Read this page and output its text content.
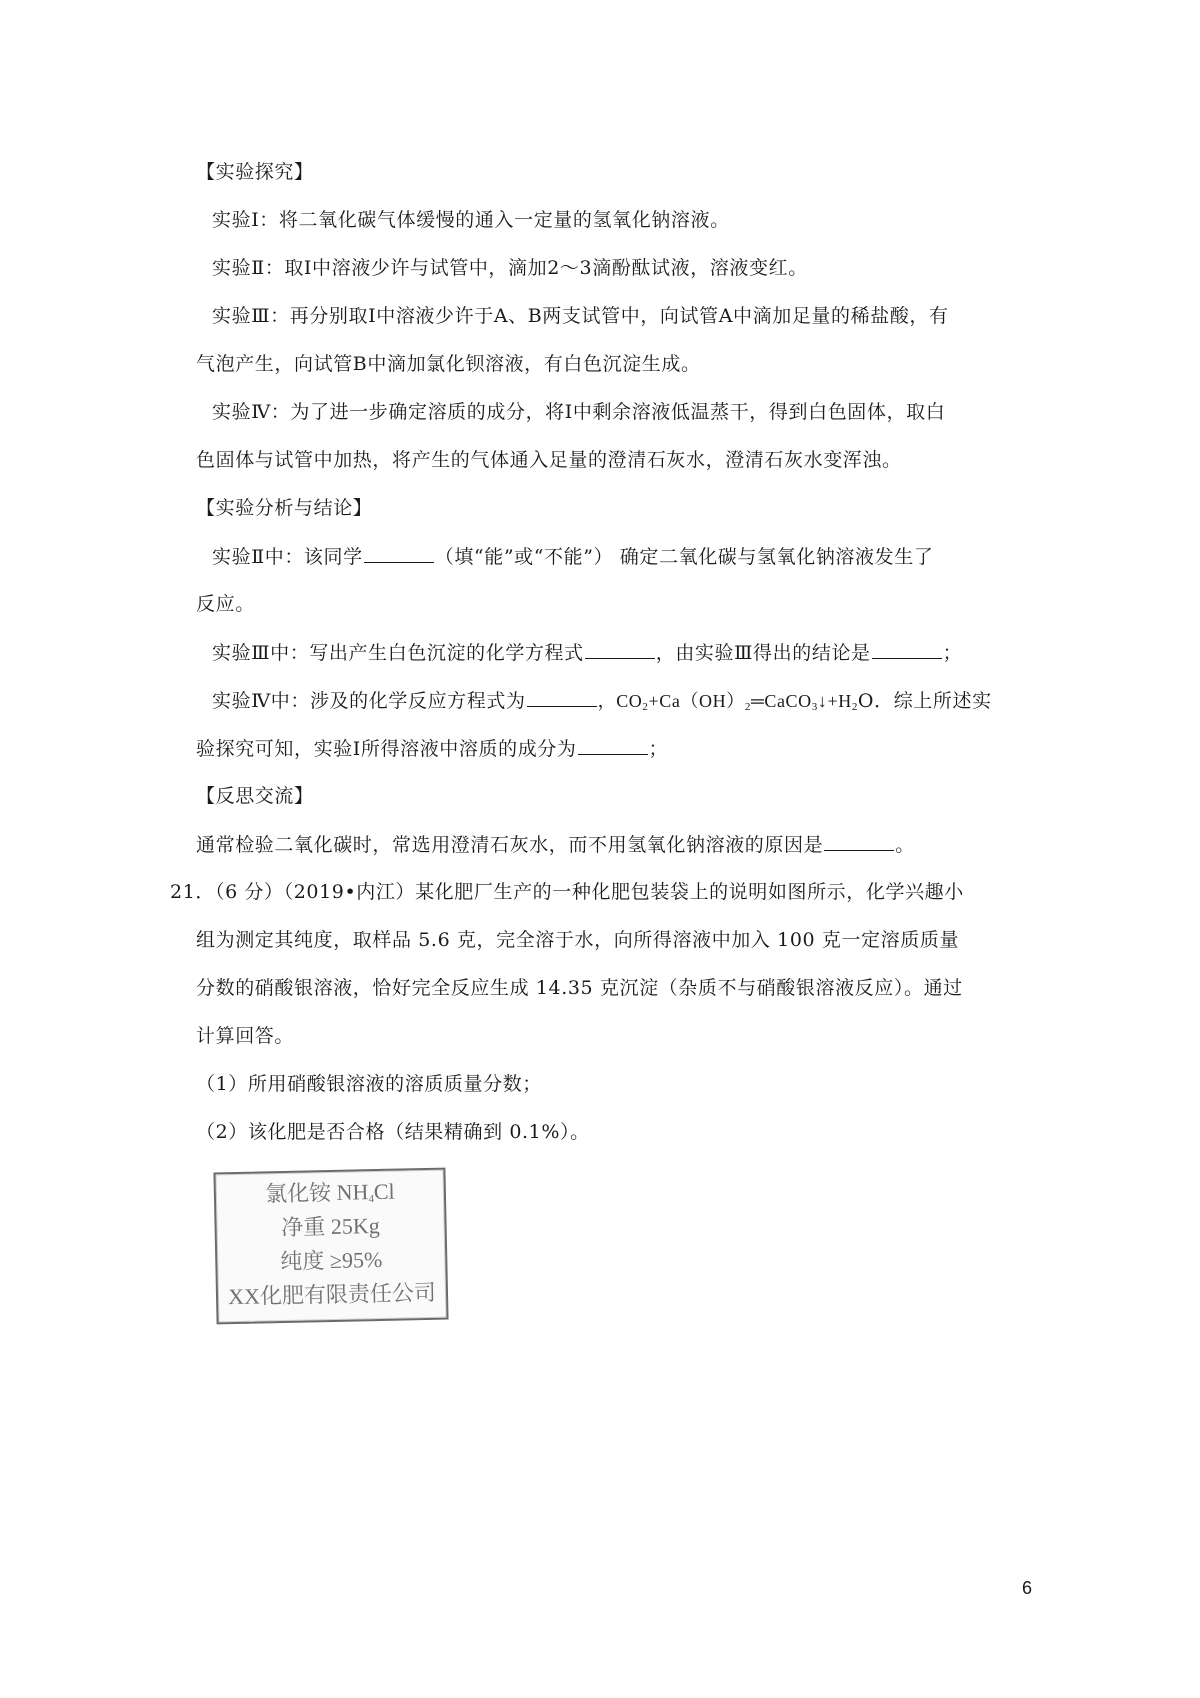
【实验探究】
实验Ⅰ：将二氧化碳气体缓慢的通入一定量的氢氧化钠溶液。
实验Ⅱ：取Ⅰ中溶液少许与试管中，滴加2～3滴酚酞试液，溶液变红。
实验Ⅲ：再分别取Ⅰ中溶液少许于A、B两支试管中，向试管A中滴加足量的稀盐酸，有
气泡产生，向试管B中滴加氯化钡溶液，有白色沉淀生成。
实验Ⅳ：为了进一步确定溶质的成分，将Ⅰ中剩余溶液低温蒸干，得到白色固体，取白
色固体与试管中加热，将产生的气体通入足量的澄清石灰水，澄清石灰水变浑浊。
【实验分析与结论】
实验Ⅱ中：该同学	（填“能”或“不能”） 确定二氧化碳与氢氧化钠溶液发生了
反应。
实验Ⅲ中：写出产生白色沉淀的化学方程式	，由实验Ⅲ得出的结论是	；
实验Ⅳ中：涉及的化学反应方程式为	，$CO_2+Ca(OH)_2═CaCO_3↓+H_2O$．综上所述实
验探究可知，实验Ⅰ所得溶液中溶质的成分为	；
【反思交流】
通常检验二氧化碳时，常选用澄清石灰水，而不用氢氧化钠溶液的原因是	。
21．（6 分）（2019•内江）某化肥厂生产的一种化肥包装袋上的说明如图所示，化学兴趣小
组为测定其纯度，取样品 5.6 克，完全溶于水，向所得溶液中加入 100 克一定溶质质量
分数的硝酸银溶液，恰好完全反应生成 14.35 克沉淀（杂质不与硝酸银溶液反应）。通过
计算回答。
（1）所用硝酸银溶液的溶质质量分数；
（2）该化肥是否合格（结果精确到 0.1%）。
氯化铵 $NH_4Cl$
净重 25Kg
纯度 ≥95%
XX化肥有限责任公司
6
